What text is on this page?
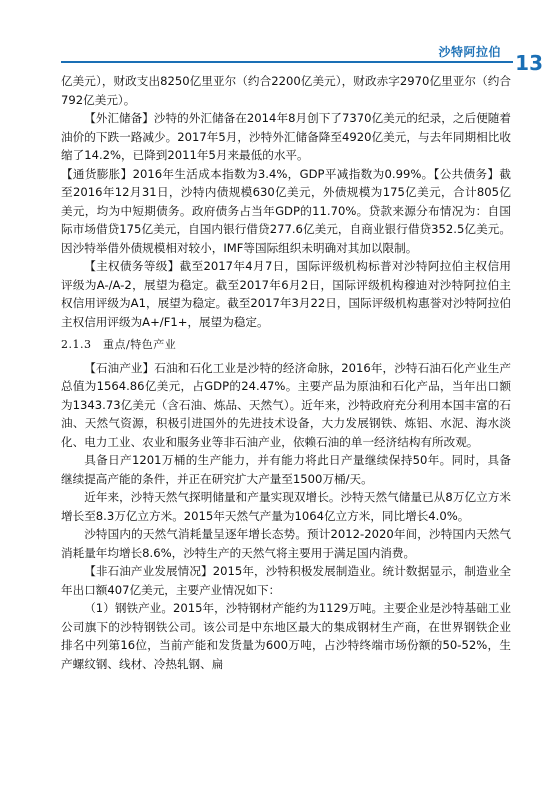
沙特阿拉伯 13

亿美元），财政支出8250亿里亚尔（约合2200亿美元），财政赤字2970亿里亚尔（约合792亿美元）。

【外汇储备】沙特的外汇储备在2014年8月创下了7370亿美元的纪录，之后便随着油价的下跌一路减少。2017年5月，沙特外汇储备降至4920亿美元，与去年同期相比收缩了14.2%，已降到2011年5月来最低的水平。

【通货膨胀】2016年生活成本指数为3.4%，GDP平减指数为0.99%。【公共债务】截至2016年12月31日，沙特内债规模630亿美元，外债规模为175亿美元，合计805亿美元，均为中短期债务。政府债务占当年GDP的11.70%。贷款来源分布情况为：自国际市场借贷175亿美元，自国内银行借贷277.6亿美元，自商业银行借贷352.5亿美元。因沙特举借外债规模相对较小，IMF等国际组织未明确对其加以限制。

【主权债务等级】截至2017年4月7日，国际评级机构标普对沙特阿拉伯主权信用评级为A-/A-2，展望为稳定。截至2017年6月2日，国际评级机构穆迪对沙特阿拉伯主权信用评级为A1，展望为稳定。截至2017年3月22日，国际评级机构惠誉对沙特阿拉伯主权信用评级为A+/F1+，展望为稳定。

2.1.3　重点/特色产业

【石油产业】石油和石化工业是沙特的经济命脉，2016年，沙特石油石化产业生产总值为1564.86亿美元，占GDP的24.47%。主要产品为原油和石化产品，当年出口额为1343.73亿美元（含石油、炼品、天然气）。近年来，沙特政府充分利用本国丰富的石油、天然气资源，积极引进国外的先进技术设备，大力发展钢铁、炼铝、水泥、海水淡化、电力工业、农业和服务业等非石油产业，依赖石油的单一经济结构有所改观。

具备日产1201万桶的生产能力，并有能力将此日产量继续保持50年。同时，具备继续提高产能的条件，并正在研究扩大产量至1500万桶/天。

近年来，沙特天然气探明储量和产量实现双增长。沙特天然气储量已从8万亿立方米增长至8.3万亿立方米。2015年天然气产量为1064亿立方米，同比增长4.0%。

沙特国内的天然气消耗量呈逐年增长态势。预计2012-2020年间，沙特国内天然气消耗量年均增长8.6%，沙特生产的天然气将主要用于满足国内消费。

【非石油产业发展情况】2015年，沙特积极发展制造业。统计数据显示，制造业全年出口额407亿美元，主要产业情况如下：

（1）钢铁产业。2015年，沙特钢材产能约为1129万吨。主要企业是沙特基础工业公司旗下的沙特钢铁公司。该公司是中东地区最大的集成钢材生产商，在世界钢铁企业排名中列第16位，当前产能和发货量为600万吨，占沙特终端市场份额的50-52%，生产螺纹钢、线材、冷热轧钢、扁
